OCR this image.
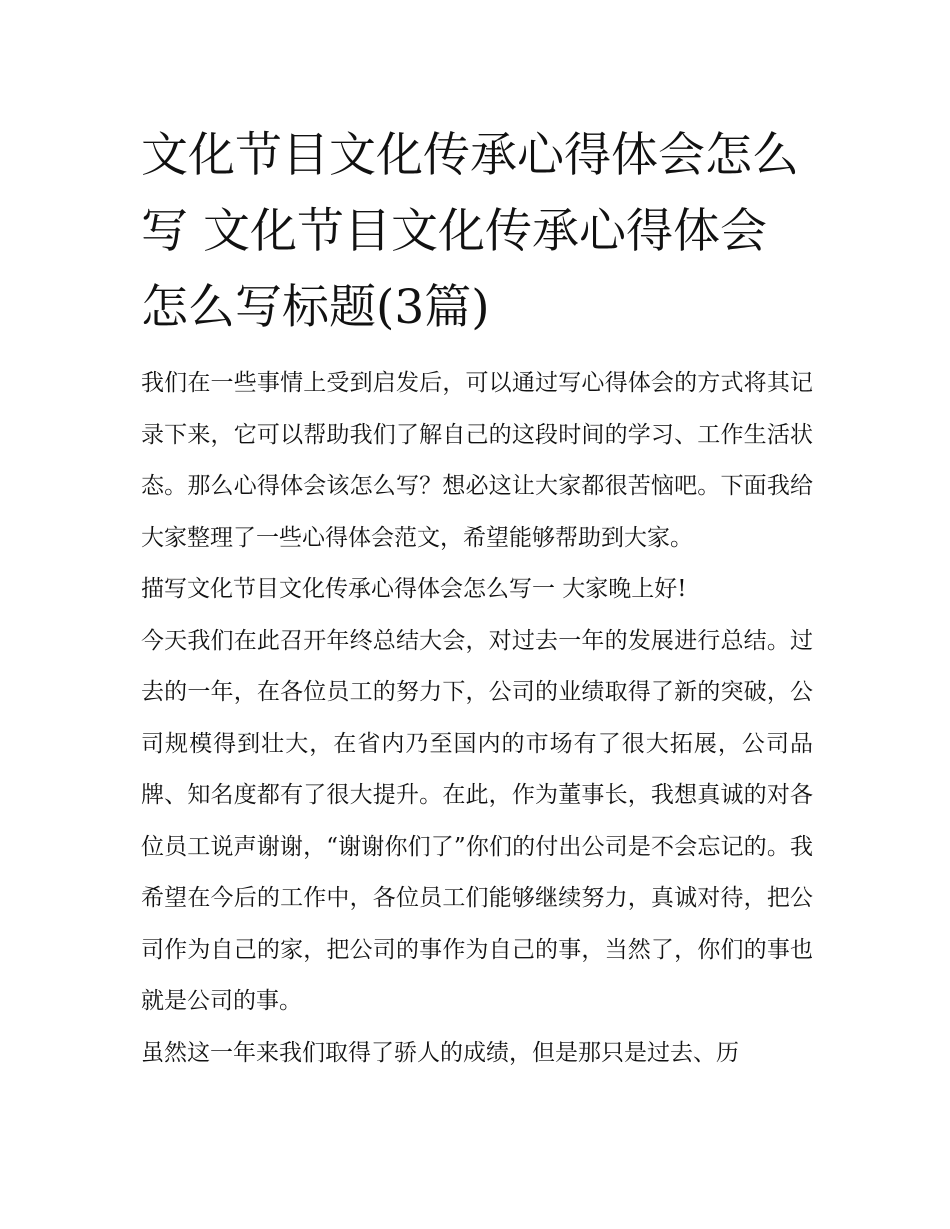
文化节目文化传承心得体会怎么写 文化节目文化传承心得体会怎么写标题(3篇)

我们在一些事情上受到启发后，可以通过写心得体会的方式将其记录下来，它可以帮助我们了解自己的这段时间的学习、工作生活状态。那么心得体会该怎么写？想必这让大家都很苦恼吧。下面我给大家整理了一些心得体会范文，希望能够帮助到大家。

描写文化节目文化传承心得体会怎么写一 大家晚上好!

今天我们在此召开年终总结大会，对过去一年的发展进行总结。过去的一年，在各位员工的努力下，公司的业绩取得了新的突破，公司规模得到壮大，在省内乃至国内的市场有了很大拓展，公司品牌、知名度都有了很大提升。在此，作为董事长，我想真诚的对各位员工说声谢谢，“谢谢你们了”你们的付出公司是不会忘记的。我希望在今后的工作中，各位员工们能够继续努力，真诚对待，把公司作为自己的家，把公司的事作为自己的事，当然了，你们的事也就是公司的事。

虽然这一年来我们取得了骄人的成绩，但是那只是过去、历
